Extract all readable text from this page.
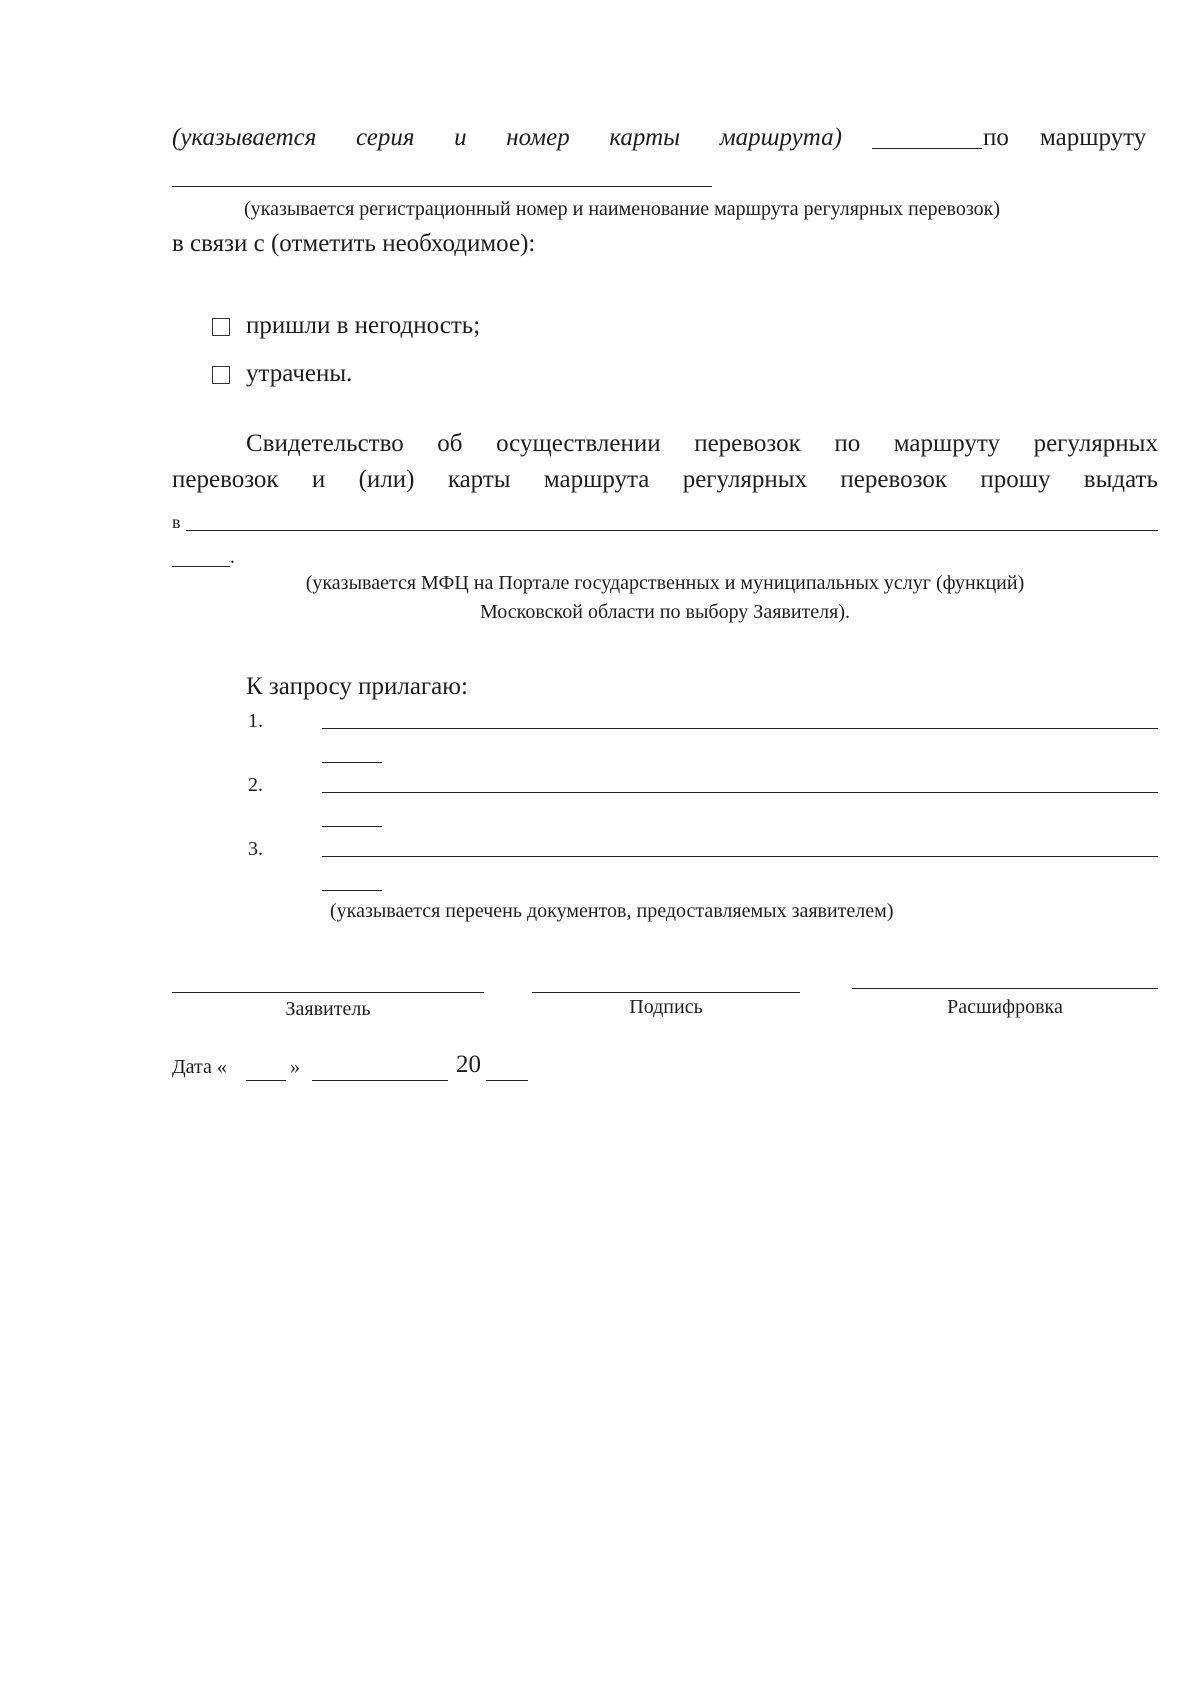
(указывается серия и номер карты маршрута)	по маршруту
(указывается регистрационный номер и наименование маршрута регулярных перевозок)
в связи с (отметить необходимое):
пришли в негодность;
утрачены.
Свидетельство об осуществлении перевозок по маршруту регулярных
перевозок и (или) карты маршрута регулярных перевозок прошу выдать
в
.
(указывается МФЦ на Портале государственных и муниципальных услуг (функций)
Московской области по выбору Заявителя).
К запросу прилагаю:
1.
2.
3.
(указывается перечень документов, предоставляемых заявителем)
Заявитель	Подпись	Расшифровка
Дата «	»	20
